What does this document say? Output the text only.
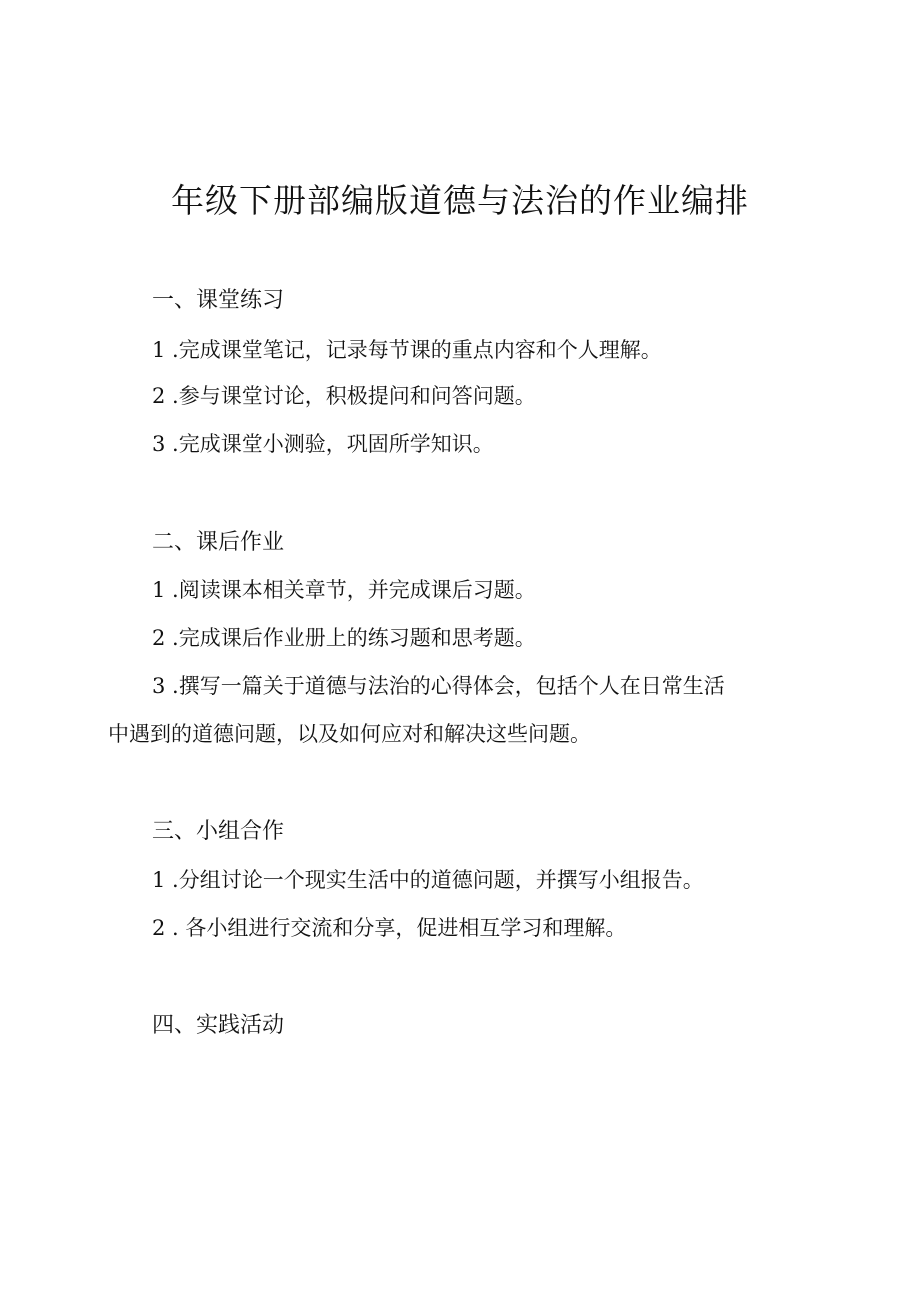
年级下册部编版道德与法治的作业编排
一、课堂练习

1 .完成课堂笔记，记录每节课的重点内容和个人理解。

2 .参与课堂讨论，积极提问和问答问题。

3 .完成课堂小测验，巩固所学知识。

二、课后作业

1 .阅读课本相关章节，并完成课后习题。

2 .完成课后作业册上的练习题和思考题。

3 .撰写一篇关于道德与法治的心得体会，包括个人在日常生活

中遇到的道德问题，以及如何应对和解决这些问题。

三、小组合作

1 .分组讨论一个现实生活中的道德问题，并撰写小组报告。

2 . 各小组进行交流和分享，促进相互学习和理解。

四、实践活动
